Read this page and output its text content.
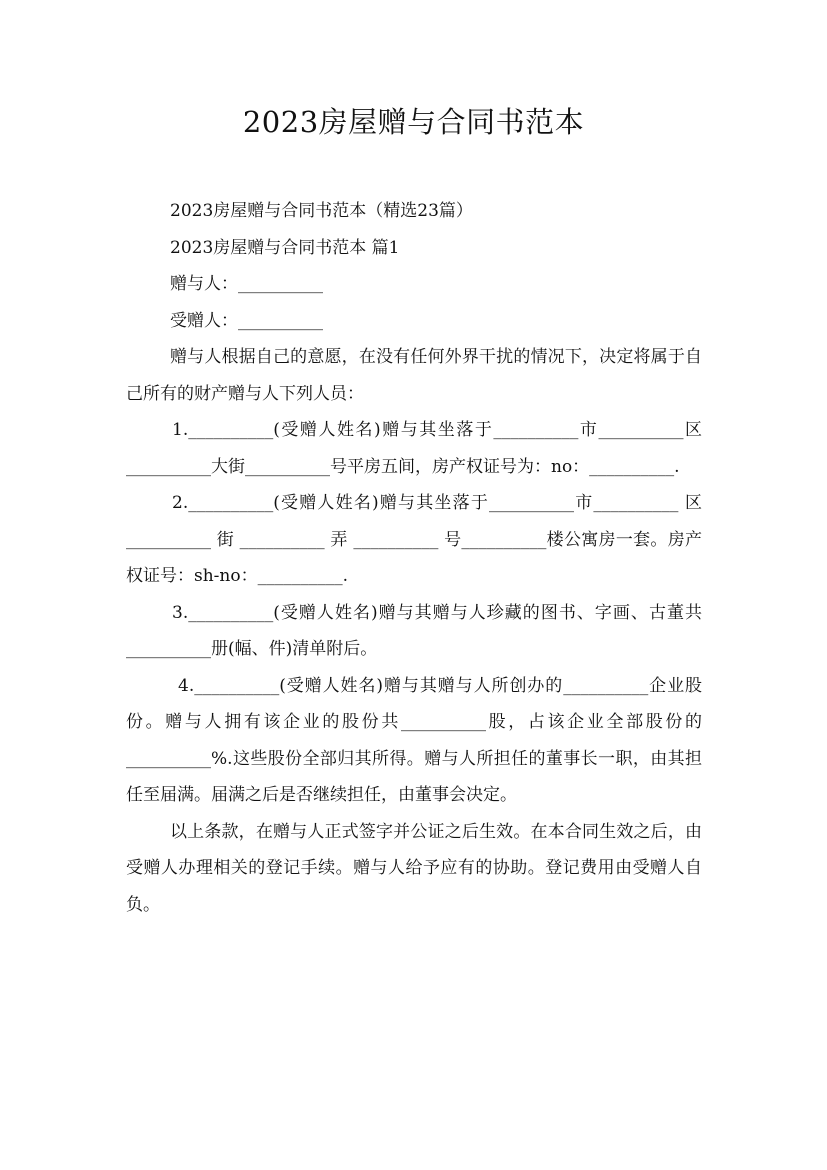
2023房屋赠与合同书范本

2023房屋赠与合同书范本（精选23篇）

2023房屋赠与合同书范本 篇1

赠与人：__________

受赠人：__________

赠与人根据自己的意愿，在没有任何外界干扰的情况下，决定将属于自己所有的财产赠与人下列人员：

1.__________(受赠人姓名)赠与其坐落于__________市__________区__________大街__________号平房五间，房产权证号为：no：__________.

2.__________(受赠人姓名)赠与其坐落于__________市__________ 区 __________ 街 __________ 弄 __________ 号__________楼公寓房一套。房产权证号：sh-no：__________.

3.__________(受赠人姓名)赠与其赠与人珍藏的图书、字画、古董共__________册(幅、件)清单附后。

4.__________(受赠人姓名)赠与其赠与人所创办的__________企业股份。赠与人拥有该企业的股份共__________股，占该企业全部股份的__________%.这些股份全部归其所得。赠与人所担任的董事长一职，由其担任至届满。届满之后是否继续担任，由董事会决定。

以上条款，在赠与人正式签字并公证之后生效。在本合同生效之后，由受赠人办理相关的登记手续。赠与人给予应有的协助。登记费用由受赠人自负。
